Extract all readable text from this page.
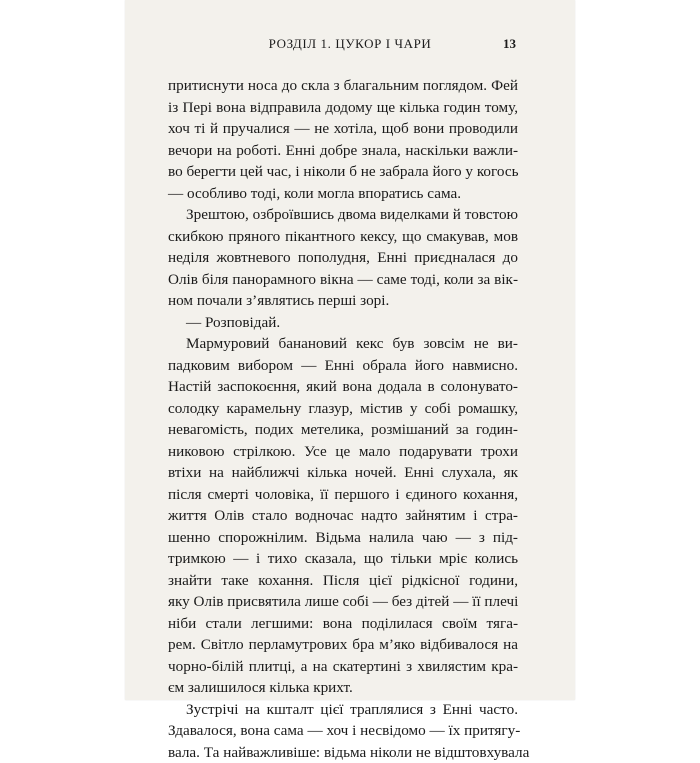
РОЗДІЛ 1. ЦУКОР І ЧАРИ	13
притиснути носа до скла з благальним поглядом. Фей
із Пері вона відправила додому ще кілька годин тому,
хоч ті й пручалися — не хотіла, щоб вони проводили
вечори на роботі. Енні добре знала, наскільки важли-
во берегти цей час, і ніколи б не забрала його у когось
— особливо тоді, коли могла впоратись сама.
Зрештою, озброївшись двома виделками й товстою
скибкою пряного пікантного кексу, що смакував, мов
неділя жовтневого пополудня, Енні приєдналася до
Олів біля панорамного вікна — саме тоді, коли за вік-
ном почали з’являтись перші зорі.
— Розповідай.
Мармуровий банановий кекс був зовсім не ви-
падковим вибором — Енні обрала його навмисно.
Настій заспокоєння, який вона додала в солонувато-
солодку карамельну глазур, містив у собі ромашку,
невагомість, подих метелика, розмішаний за годин-
никовою стрілкою. Усе це мало подарувати трохи
втіхи на найближчі кілька ночей. Енні слухала, як
після смерті чоловіка, її першого і єдиного кохання,
життя Олів стало водночас надто зайнятим і стра-
шенно спорожнілим. Відьма налила чаю — з під-
тримкою — і тихо сказала, що тільки мріє колись
знайти таке кохання. Після цієї рідкісної години,
яку Олів присвятила лише собі — без дітей — її плечі
ніби стали легшими: вона поділилася своїм тяга-
рем. Світло перламутрових бра м’яко відбивалося на
чорно-білій плитці, а на скатертині з хвилястим кра-
єм залишилося кілька крихт.
Зустрічі на кшталт цієї траплялися з Енні часто.
Здавалося, вона сама — хоч і несвідомо — їх притягу-
вала. Та найважливіше: відьма ніколи не відштовхувала
